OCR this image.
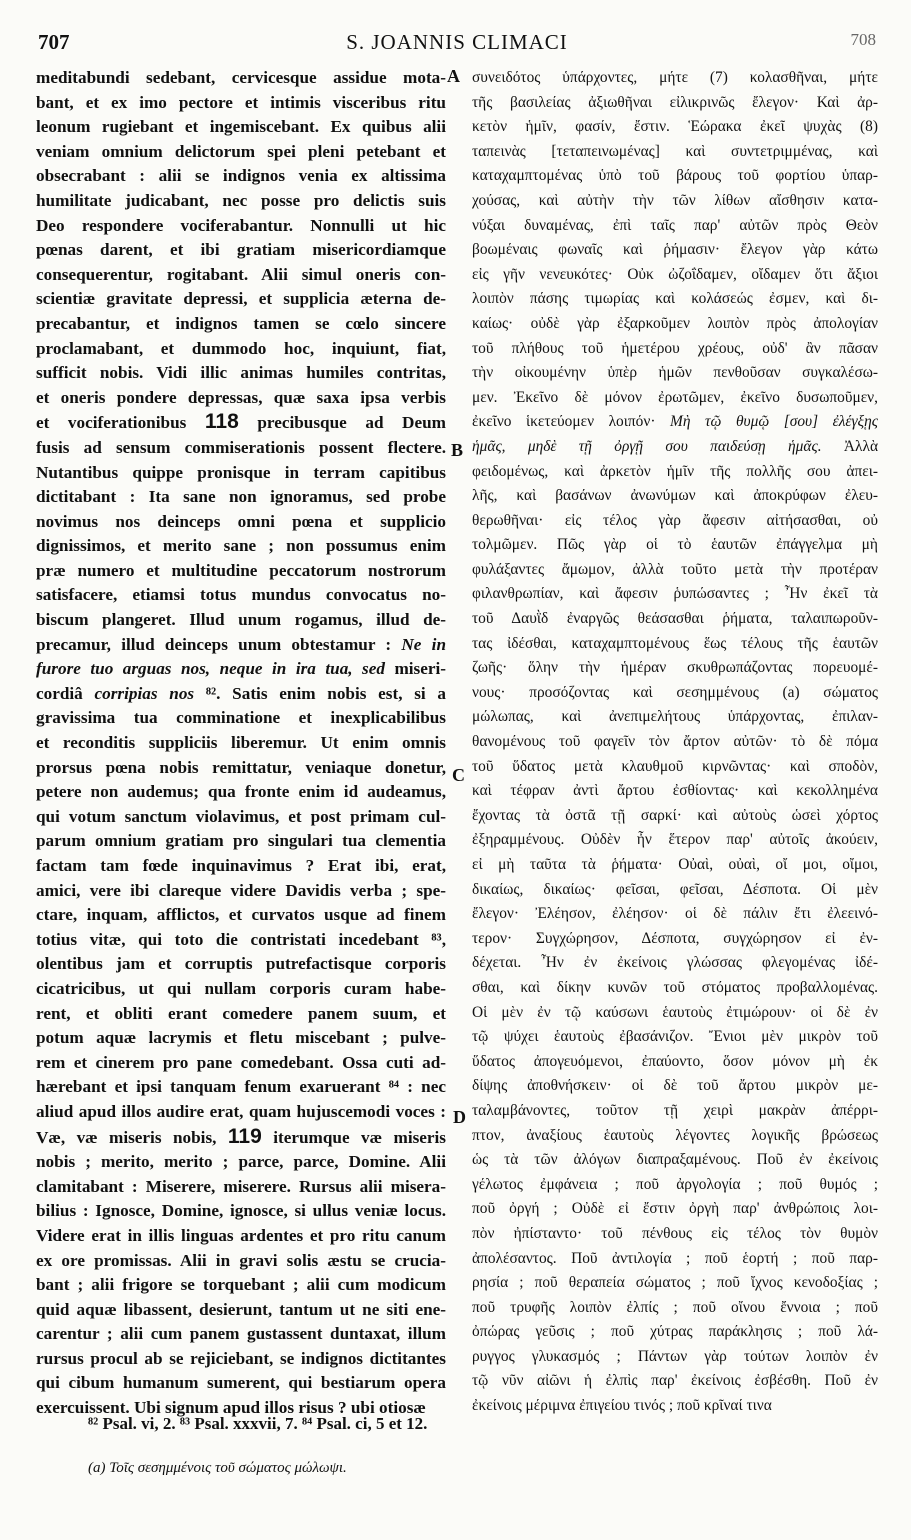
707	S. JOANNIS CLIMACI	708
meditabundi sedebant, cervicesque assidue mota-
bant, et ex imo pectore et intimis visceribus ritu
leonum rugiebant et ingemiscebant. Ex quibus alii
veniam omnium delictorum spei pleni petebant et
obsecrabant : alii se indignos venia ex altissima
humilitate judicabant, nec posse pro delictis suis
Deo respondere vociferabantur. Nonnulli ut hic
pœnas darent, et ibi gratiam misericordiamque
consequerentur, rogitabant. Alii simul oneris con-
scientiæ gravitate depressi, et supplicia æterna de-
precabantur, et indignos tamen se cœlo sincere
proclamabant, et dummodo hoc, inquiunt, fiat,
sufficit nobis. Vidi illic animas humiles contritas,
et oneris pondere depressas, quæ saxa ipsa verbis
et vociferationibus 118 precibusque ad Deum
fusis ad sensum commiserationis possent flectere.
Nutantibus quippe pronisque in terram capitibus
dictitabant : Ita sane non ignoramus, sed probe
novimus nos deinceps omni pœna et supplicio
dignissimos, et merito sane ; non possumus enim
præ numero et multitudine peccatorum nostrorum
satisfacere, etiamsi totus mundus convocatus no-
biscum plangeret. Illud unum rogamus, illud de-
precamur, illud deinceps unum obtestamur : Ne in
furore tuo arguas nos, neque in ira tua, sed miseri-
cordiâ corripias nos ⁸². Satis enim nobis est, si a
gravissima tua comminatione et inexplicabilibus
et reconditis suppliciis liberemur. Ut enim omnis
prorsus pœna nobis remittatur, veniaque donetur,
petere non audemus; qua fronte enim id audeamus,
qui votum sanctum violavimus, et post primam cul-
parum omnium gratiam pro singulari tua clementia
factam tam fœde inquinavimus ? Erat ibi, erat,
amici, vere ibi clareque videre Davidis verba ; spe-
ctare, inquam, afflictos, et curvatos usque ad finem
totius vitæ, qui toto die contristati incedebant ⁸³,
olentibus jam et corruptis putrefactisque corporis
cicatricibus, ut qui nullam corporis curam habe-
rent, et obliti erant comedere panem suum, et
potum aquæ lacrymis et fletu miscebant ; pulve-
rem et cinerem pro pane comedebant. Ossa cuti ad-
hærebant et ipsi tanquam fenum exaruerant ⁸⁴ : nec
aliud apud illos audire erat, quam hujuscemodi voces :
Væ, væ miseris nobis, 119 iterumque væ miseris
nobis ; merito, merito ; parce, parce, Domine. Alii
clamitabant : Miserere, miserere. Rursus alii misera-
bilius : Ignosce, Domine, ignosce, si ullus veniæ locus.
Videre erat in illis linguas ardentes et pro ritu canum
ex ore promissas. Alii in gravi solis æstu se crucia-
bant ; alii frigore se torquebant ; alii cum modicum
quid aquæ libassent, desierunt, tantum ut ne siti ene-
carentur ; alii cum panem gustassent duntaxat, illum
rursus procul ab se rejiciebant, se indignos dictitantes
qui cibum humanum sumerent, qui bestiarum opera
exercuissent. Ubi signum apud illos risus ? ubi otiosæ
A
B
C
D
συνειδότος ὑπάρχοντες, μήτε (7) κολασθῆναι, μήτε
τῆς βασιλείας ἀξιωθῆναι εἰλικρινῶς ἔλεγον· Καὶ ἀρ-
κετὸν ἡμῖν, φασίν, ἔστιν. Ἑώρακα ἐκεῖ ψυχὰς (8)
ταπεινὰς [τεταπεινωμένας] καὶ συντετριμμένας, καὶ
καταχαμπτομένας ὑπὸ τοῦ βάρους τοῦ φορτίου ὑπαρ-
χούσας, καὶ αὐτὴν τὴν τῶν λίθων αἴσθησιν κατα-
νύξαι δυναμένας, ἐπὶ ταῖς παρ' αὐτῶν πρὸς Θεὸν
βοωμέναις φωναῖς καὶ ῥήμασιν· ἔλεγον γὰρ κάτω
εἰς γῆν νενευκότες· Οὐκ ὠζοΐδαμεν, οἴδαμεν ὅτι ἄξιοι
λοιπὸν πάσης τιμωρίας καὶ κολάσεώς ἐσμεν, καὶ δι-
καίως· οὐδὲ γὰρ ἐξαρκοῦμεν λοιπὸν πρὸς ἀπολογίαν
τοῦ πλήθους τοῦ ἡμετέρου χρέους, οὐδ' ἂν πᾶσαν
τὴν οἰκουμένην ὑπὲρ ἡμῶν πενθοῦσαν συγκαλέσω-
μεν. Ἐκεῖνο δὲ μόνον ἐρωτῶμεν, ἐκεῖνο δυσωποῦμεν,
ἐκεῖνο ἱκετεύομεν λοιπόν· Μὴ τῷ θυμῷ [σου] ἐλέγξῃς
ἡμᾶς, μηδὲ τῇ ὀργῇ σου παιδεύσῃ ἡμᾶς. Ἀλλὰ
φειδομένως, καὶ ἀρκετὸν ἡμῖν τῆς πολλῆς σου ἀπει-
λῆς, καὶ βασάνων ἀνωνύμων καὶ ἀποκρύφων ἐλευ-
θερωθῆναι· εἰς τέλος γὰρ ἄφεσιν αἰτήσασθαι, οὐ
τολμῶμεν. Πῶς γὰρ οἱ τὸ ἑαυτῶν ἐπάγγελμα μὴ
φυλάξαντες ἄμωμον, ἀλλὰ τοῦτο μετὰ τὴν προτέραν
φιλανθρωπίαν, καὶ ἄφεσιν ῥυπώσαντες ; Ἦν ἐκεῖ τὰ
τοῦ Δαυῒδ ἐναργῶς θεάσασθαι ῥήματα, ταλαιπωροῦν-
τας ἰδέσθαι, καταχαμπτομένους ἕως τέλους τῆς ἑαυτῶν
ζωῆς· ὅλην τὴν ἡμέραν σκυθρωπάζοντας πορευομέ-
νους· προσόζοντας καὶ σεσημμένους (a) σώματος
μώλωπας, καὶ ἀνεπιμελήτους ὑπάρχοντας, ἐπιλαν-
θανομένους τοῦ φαγεῖν τὸν ἄρτον αὐτῶν· τὸ δὲ πόμα
τοῦ ὕδατος μετὰ κλαυθμοῦ κιρνῶντας· καὶ σποδὸν,
καὶ τέφραν ἀντὶ ἄρτου ἐσθίοντας· καὶ κεκολλημένα
ἔχοντας τὰ ὀστᾶ τῇ σαρκί· καὶ αὐτοὺς ὡσεὶ χόρτος
ἐξηραμμένους. Οὐδὲν ἦν ἕτερον παρ' αὐτοῖς ἀκούειν,
εἰ μὴ ταῦτα τὰ ῥήματα· Οὐαὶ, οὐαὶ, οἴ μοι, οἴμοι,
δικαίως, δικαίως· φεῖσαι, φεῖσαι, Δέσποτα. Οἱ μὲν
ἔλεγον· Ἐλέησον, ἐλέησον· οἱ δὲ πάλιν ἔτι ἐλεεινό-
τερον· Συγχώρησον, Δέσποτα, συγχώρησον εἰ ἐν-
δέχεται. Ἦν ἐν ἐκείνοις γλώσσας φλεγομένας ἰδέ-
σθαι, καὶ δίκην κυνῶν τοῦ στόματος προβαλλομένας.
Οἱ μὲν ἐν τῷ καύσωνι ἑαυτοὺς ἐτιμώρουν· οἱ δὲ ἐν
τῷ ψύχει ἑαυτοὺς ἐβασάνιζον. Ἔνιοι μὲν μικρὸν τοῦ
ὕδατος ἀπογευόμενοι, ἐπαύοντο, ὅσον μόνον μὴ ἐκ
δίψης ἀποθνήσκειν· οἱ δὲ τοῦ ἄρτου μικρὸν με-
ταλαμβάνοντες, τοῦτον τῇ χειρὶ μακρὰν ἀπέρρι-
πτον, ἀναξίους ἑαυτοὺς λέγοντες λογικῆς βρώσεως
ὡς τὰ τῶν ἀλόγων διαπραξαμένους. Ποῦ ἐν ἐκείνοις
γέλωτος ἐμφάνεια ; ποῦ ἀργολογία ; ποῦ θυμός ;
ποῦ ὀργή ; Οὐδὲ εἰ ἔστιν ὀργὴ παρ' ἀνθρώποις λοι-
πὸν ἠπίσταντο· τοῦ πένθους εἰς τέλος τὸν θυμὸν
ἀπολέσαντος. Ποῦ ἀντιλογία ; ποῦ ἑορτή ; ποῦ παρ-
ρησία ; ποῦ θεραπεία σώματος ; ποῦ ἴχνος κενοδοξίας ;
ποῦ τρυφῆς λοιπὸν ἐλπίς ; ποῦ οἴνου ἔννοια ; ποῦ
ὀπώρας γεῦσις ; ποῦ χύτρας παράκλησις ; ποῦ λά-
ρυγγος γλυκασμός ; Πάντων γὰρ τούτων λοιπὸν ἐν
τῷ νῦν αἰῶνι ἡ ἐλπὶς παρ' ἐκείνοις ἐσβέσθη. Ποῦ ἐν
ἐκείνοις μέριμνα ἐπιγείου τινός ; ποῦ κρῖναί τινα
⁸² Psal. vi, 2. ⁸³ Psal. xxxvii, 7. ⁸⁴ Psal. ci, 5 et 12.
(a) Τοῖς σεσημμένοις τοῦ σώματος μώλωψι.
